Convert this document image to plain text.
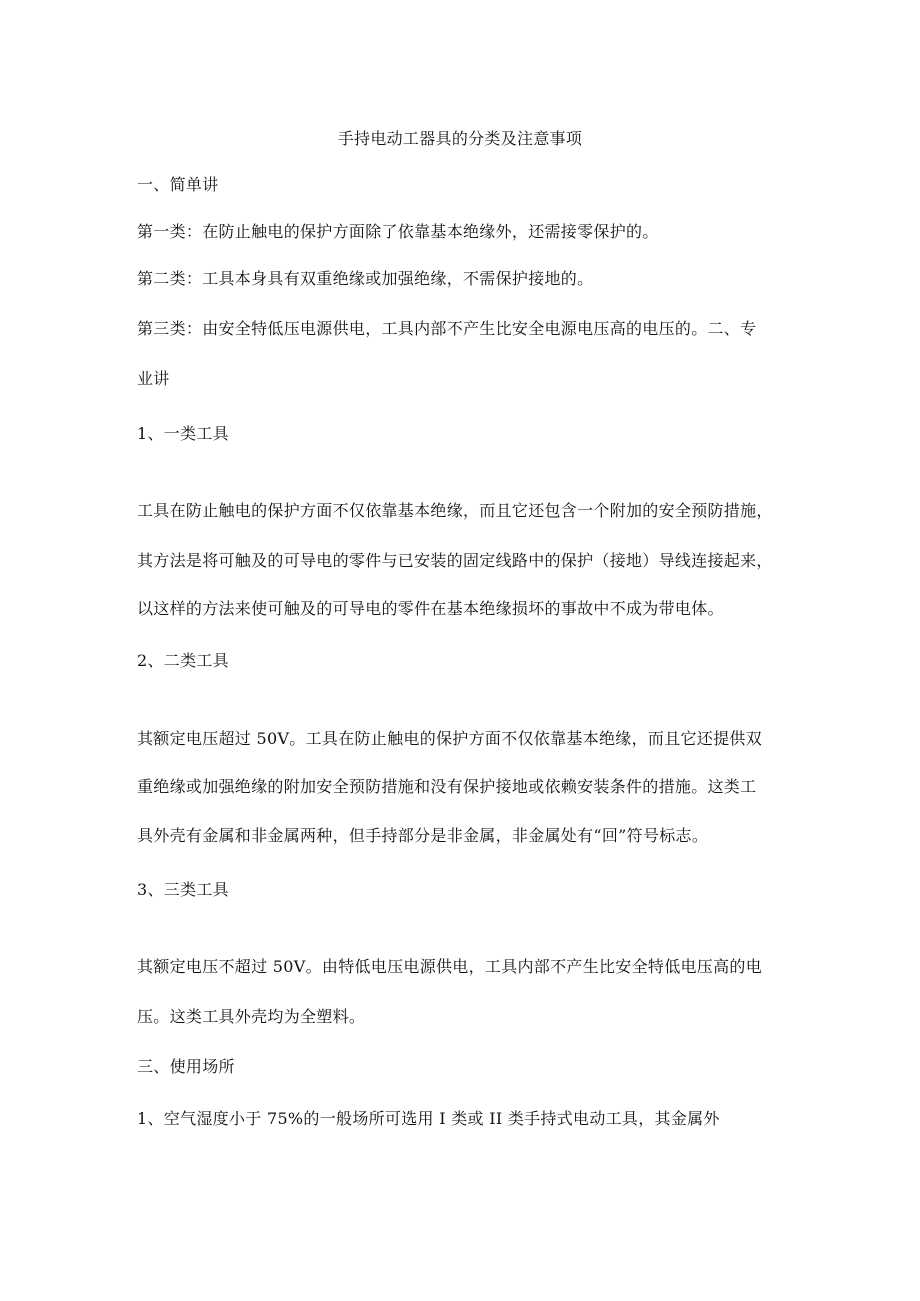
手持电动工器具的分类及注意事项
一、简单讲
第一类：在防止触电的保护方面除了依靠基本绝缘外，还需接零保护的。
第二类：工具本身具有双重绝缘或加强绝缘，不需保护接地的。
第三类：由安全特低压电源供电，工具内部不产生比安全电源电压高的电压的。二、专
业讲
1、一类工具
工具在防止触电的保护方面不仅依靠基本绝缘，而且它还包含一个附加的安全预防措施，
其方法是将可触及的可导电的零件与已安装的固定线路中的保护（接地）导线连接起来，
以这样的方法来使可触及的可导电的零件在基本绝缘损坏的事故中不成为带电体。
2、二类工具
其额定电压超过 50V。工具在防止触电的保护方面不仅依靠基本绝缘，而且它还提供双
重绝缘或加强绝缘的附加安全预防措施和没有保护接地或依赖安装条件的措施。这类工
具外壳有金属和非金属两种，但手持部分是非金属，非金属处有“回”符号标志。
3、三类工具
其额定电压不超过 50V。由特低电压电源供电，工具内部不产生比安全特低电压高的电
压。这类工具外壳均为全塑料。
三、使用场所
1、空气湿度小于 75%的一般场所可选用 I 类或 II 类手持式电动工具，其金属外
